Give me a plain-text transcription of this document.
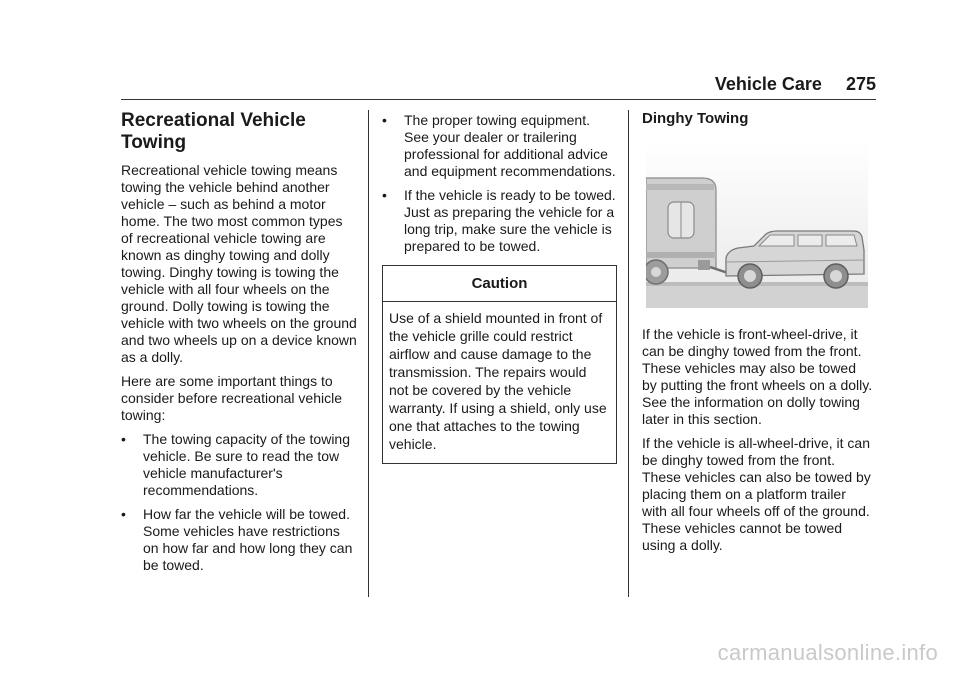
Vehicle Care 275
Recreational Vehicle
Towing

Recreational vehicle towing means towing the vehicle behind another vehicle – such as behind a motor home. The two most common types of recreational vehicle towing are known as dinghy towing and dolly towing. Dinghy towing is towing the vehicle with all four wheels on the ground. Dolly towing is towing the vehicle with two wheels on the ground and two wheels up on a device known as a dolly.

Here are some important things to consider before recreational vehicle towing:

•	The towing capacity of the towing vehicle. Be sure to read the tow vehicle manufacturer's recommendations.
•	How far the vehicle will be towed. Some vehicles have restrictions on how far and how long they can be towed.
•	The proper towing equipment. See your dealer or trailering professional for additional advice and equipment recommendations.
•	If the vehicle is ready to be towed. Just as preparing the vehicle for a long trip, make sure the vehicle is prepared to be towed.
Caution
Use of a shield mounted in front of the vehicle grille could restrict airflow and cause damage to the transmission. The repairs would not be covered by the vehicle warranty. If using a shield, only use one that attaches to the towing vehicle.
Dinghy Towing

If the vehicle is front-wheel-drive, it can be dinghy towed from the front. These vehicles may also be towed by putting the front wheels on a dolly. See the information on dolly towing later in this section.

If the vehicle is all-wheel-drive, it can be dinghy towed from the front. These vehicles can also be towed by placing them on a platform trailer with all four wheels off of the ground. These vehicles cannot be towed using a dolly.

carmanualsonline.info
